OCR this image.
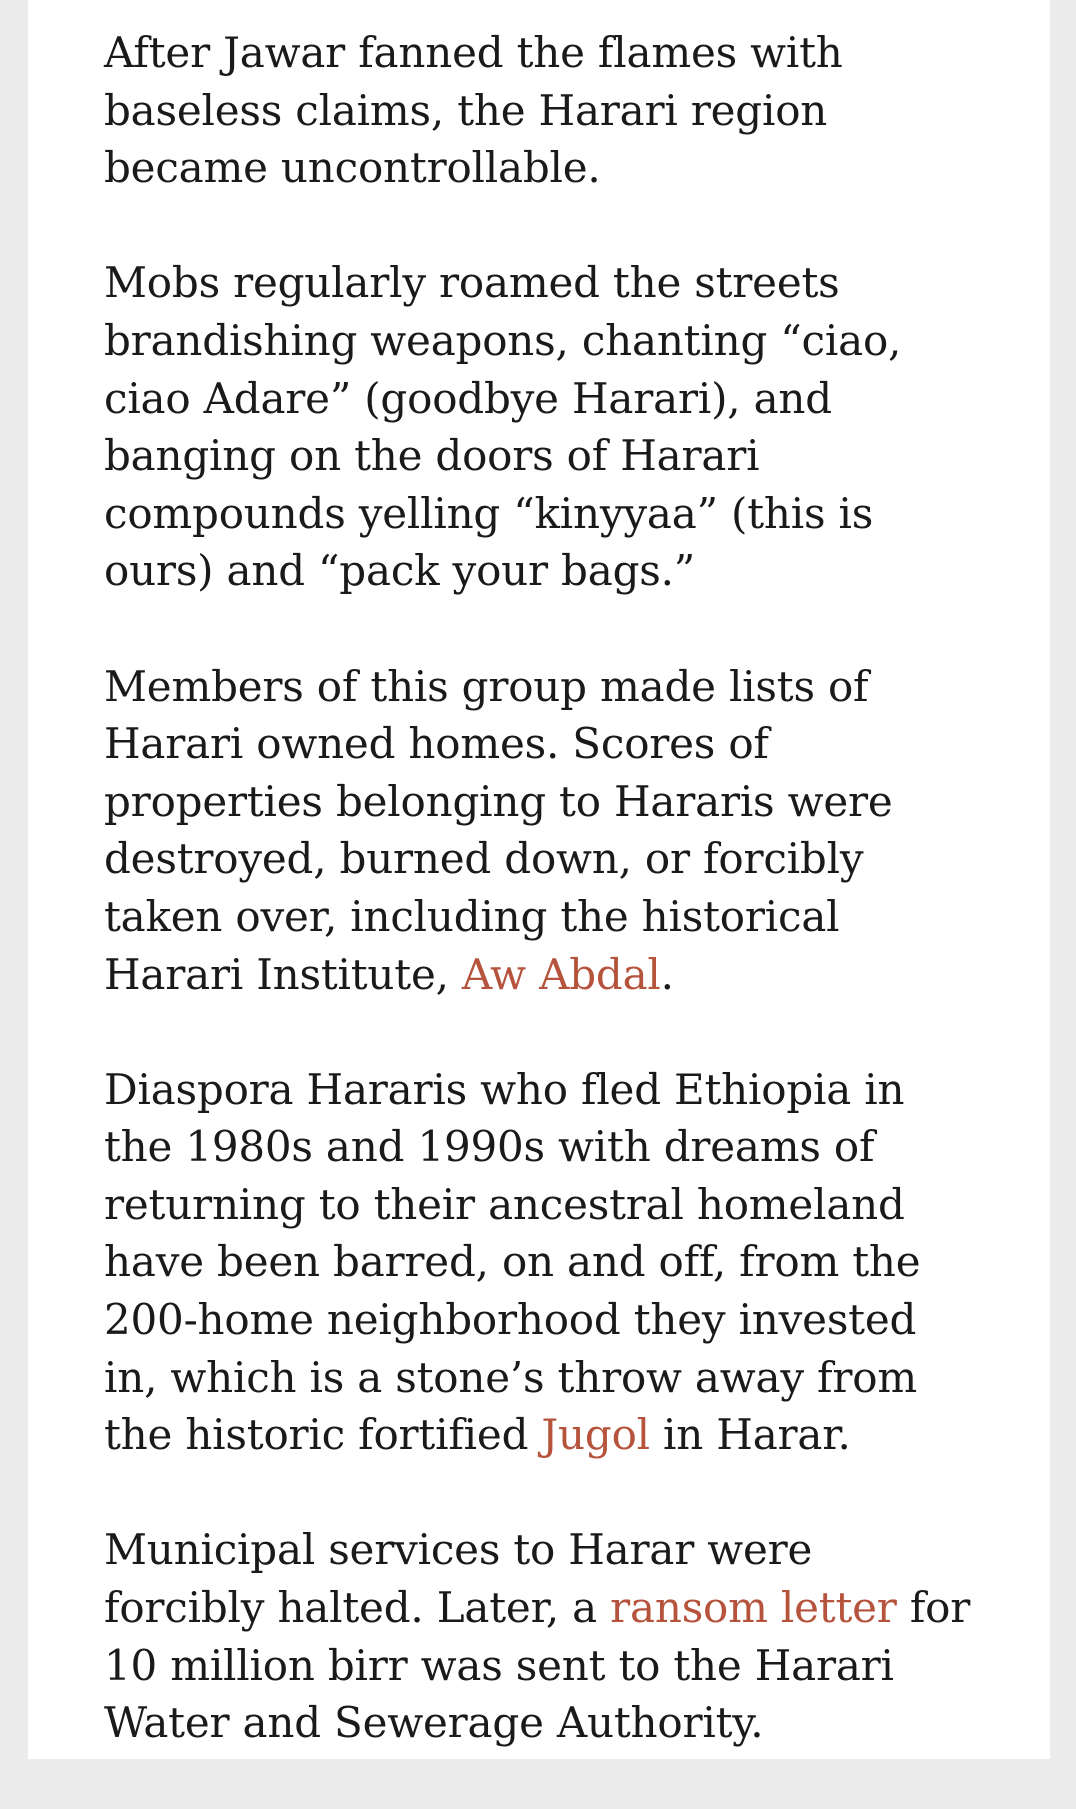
After Jawar fanned the flames with
baseless claims, the Harari region
became uncontrollable.

Mobs regularly roamed the streets
brandishing weapons, chanting “ciao,
ciao Adare” (goodbye Harari), and
banging on the doors of Harari
compounds yelling “kinyyaa” (this is
ours) and “pack your bags.”

Members of this group made lists of
Harari owned homes. Scores of
properties belonging to Hararis were
destroyed, burned down, or forcibly
taken over, including the historical
Harari Institute, Aw Abdal.

Diaspora Hararis who fled Ethiopia in
the 1980s and 1990s with dreams of
returning to their ancestral homeland
have been barred, on and off, from the
200-home neighborhood they invested
in, which is a stone’s throw away from
the historic fortified Jugol in Harar.

Municipal services to Harar were
forcibly halted. Later, a ransom letter for
10 million birr was sent to the Harari
Water and Sewerage Authority.
